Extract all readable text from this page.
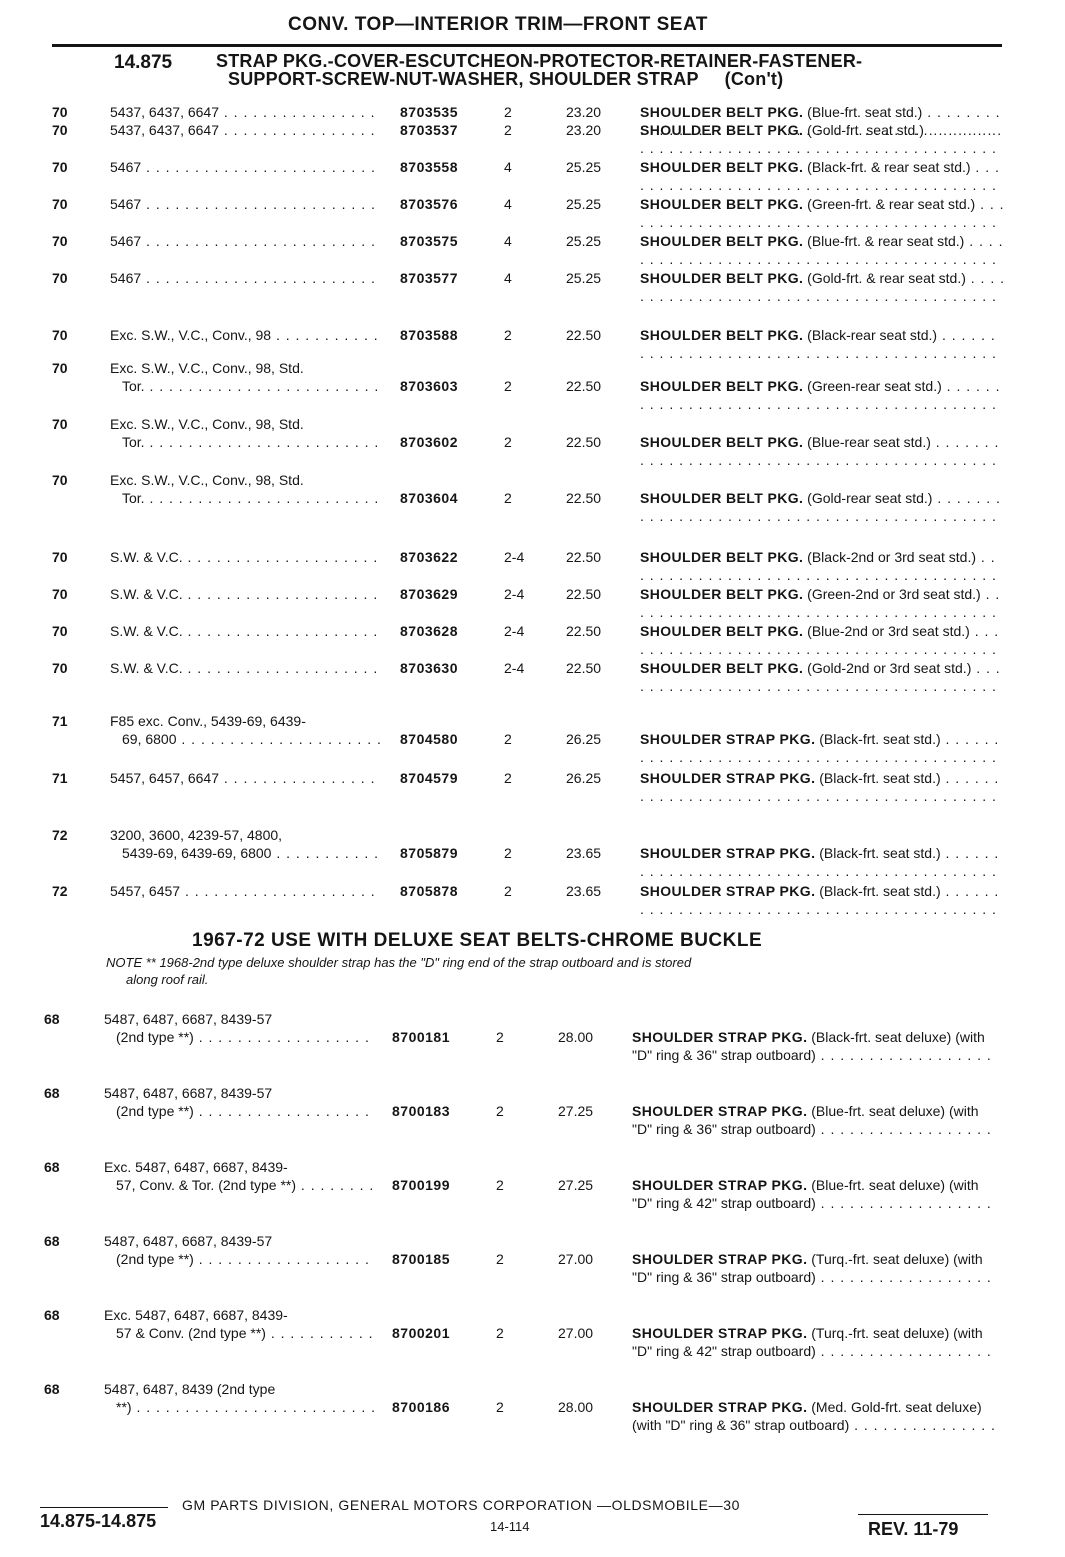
CONV. TOP—INTERIOR TRIM—FRONT SEAT
14.875 STRAP PKG.-COVER-ESCUTCHEON-PROTECTOR-RETAINER-FASTENER-
SUPPORT-SCREW-NUT-WASHER, SHOULDER STRAP (Con't)
70	5437, 6437, 6647 . . .	8703535	2	23.20	SHOULDER BELT PKG. (Blue-frt. seat std.) . . .
70	5437, 6437, 6647 . . .	8703537	2	23.20	SHOULDER BELT PKG. (Gold-frt. seat std.) . . .
70	5467 . . .	8703558	4	25.25	SHOULDER BELT PKG. (Black-frt. & rear seat std.) . . .
70	5467 . . .	8703576	4	25.25	SHOULDER BELT PKG. (Green-frt. & rear seat std.) . . .
70	5467 . . .	8703575	4	25.25	SHOULDER BELT PKG. (Blue-frt. & rear seat std.) . . .
70	5467 . . .	8703577	4	25.25	SHOULDER BELT PKG. (Gold-frt. & rear seat std.) . . .
70	Exc. S.W., V.C., Conv., 98 . . .	8703588	2	22.50	SHOULDER BELT PKG. (Black-rear seat std.) . . .
70	Exc. S.W., V.C., Conv., 98, Std.
Tor. . . .	8703603	2	22.50	SHOULDER BELT PKG. (Green-rear seat std.) . . .
70	Exc. S.W., V.C., Conv., 98, Std.
Tor. . . .	8703602	2	22.50	SHOULDER BELT PKG. (Blue-rear seat std.) . . .
70	Exc. S.W., V.C., Conv., 98, Std.
Tor. . . .	8703604	2	22.50	SHOULDER BELT PKG. (Gold-rear seat std.) . . .
70	S.W. & V.C. . . .	8703622	2-4	22.50	SHOULDER BELT PKG. (Black-2nd or 3rd seat std.) . . .
70	S.W. & V.C. . . .	8703629	2-4	22.50	SHOULDER BELT PKG. (Green-2nd or 3rd seat std.) . . .
70	S.W. & V.C. . . .	8703628	2-4	22.50	SHOULDER BELT PKG. (Blue-2nd or 3rd seat std.) . . .
70	S.W. & V.C. . . .	8703630	2-4	22.50	SHOULDER BELT PKG. (Gold-2nd or 3rd seat std.) . . .
71	F85 exc. Conv., 5439-69, 6439-
69, 6800 . . .	8704580	2	26.25	SHOULDER STRAP PKG. (Black-frt. seat std.) . . .
71	5457, 6457, 6647 . . .	8704579	2	26.25	SHOULDER STRAP PKG. (Black-frt. seat std.) . . .
72	3200, 3600, 4239-57, 4800,
5439-69, 6439-69, 6800 . . .	8705879	2	23.65	SHOULDER STRAP PKG. (Black-frt. seat std.) . . .
72	5457, 6457 . . .	8705878	2	23.65	SHOULDER STRAP PKG. (Black-frt. seat std.) . . .
1967-72 USE WITH DELUXE SEAT BELTS-CHROME BUCKLE
NOTE ** 1968-2nd type deluxe shoulder strap has the "D" ring end of the strap outboard and is stored
along roof rail.
68	5487, 6487, 6687, 8439-57
(2nd type **) . . .	8700181	2	28.00	SHOULDER STRAP PKG. (Black-frt. seat deluxe) (with "D" ring & 36" strap outboard) . . .
68	5487, 6487, 6687, 8439-57
(2nd type **) . . .	8700183	2	27.25	SHOULDER STRAP PKG. (Blue-frt. seat deluxe) (with "D" ring & 36" strap outboard) . . .
68	Exc. 5487, 6487, 6687, 8439-
57, Conv. & Tor. (2nd type **) . . .	8700199	2	27.25	SHOULDER STRAP PKG. (Blue-frt. seat deluxe) (with "D" ring & 42" strap outboard) . . .
68	5487, 6487, 6687, 8439-57
(2nd type **) . . .	8700185	2	27.00	SHOULDER STRAP PKG. (Turq.-frt. seat deluxe) (with "D" ring & 36" strap outboard) . . .
68	Exc. 5487, 6487, 6687, 8439-
57 & Conv. (2nd type **) . . .	8700201	2	27.00	SHOULDER STRAP PKG. (Turq.-frt. seat deluxe) (with "D" ring & 42" strap outboard) . . .
68	5487, 6487, 8439 (2nd type
**) . . .	8700186	2	28.00	SHOULDER STRAP PKG. (Med. Gold-frt. seat deluxe) (with "D" ring & 36" strap outboard) . . .
14.875-14.875
GM PARTS DIVISION, GENERAL MOTORS CORPORATION —OLDSMOBILE—30
14-114	REV. 11-79
